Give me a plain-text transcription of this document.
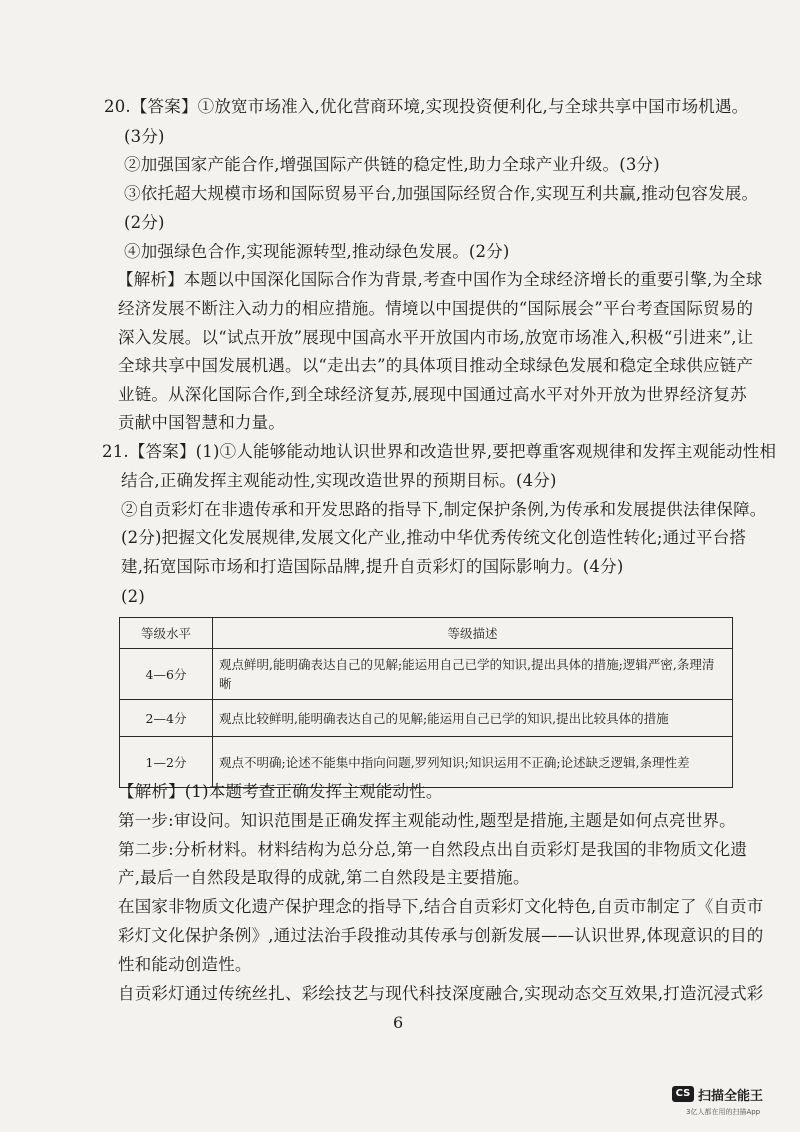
20.【答案】①放宽市场准入,优化营商环境,实现投资便利化,与全球共享中国市场机遇。
(3分)
②加强国家产能合作,增强国际产供链的稳定性,助力全球产业升级。(3分)
③依托超大规模市场和国际贸易平台,加强国际经贸合作,实现互利共赢,推动包容发展。
(2分)
④加强绿色合作,实现能源转型,推动绿色发展。(2分)
【解析】本题以中国深化国际合作为背景,考查中国作为全球经济增长的重要引擎,为全球
经济发展不断注入动力的相应措施。情境以中国提供的“国际展会”平台考查国际贸易的
深入发展。以“试点开放”展现中国高水平开放国内市场,放宽市场准入,积极“引进来”,让
全球共享中国发展机遇。以“走出去”的具体项目推动全球绿色发展和稳定全球供应链产
业链。从深化国际合作,到全球经济复苏,展现中国通过高水平对外开放为世界经济复苏
贡献中国智慧和力量。
21.【答案】(1)①人能够能动地认识世界和改造世界,要把尊重客观规律和发挥主观能动性相
结合,正确发挥主观能动性,实现改造世界的预期目标。(4分)
②自贡彩灯在非遗传承和开发思路的指导下,制定保护条例,为传承和发展提供法律保障。
(2分)把握文化发展规律,发展文化产业,推动中华优秀传统文化创造性转化;通过平台搭
建,拓宽国际市场和打造国际品牌,提升自贡彩灯的国际影响力。(4分)
(2)
等级水平	等级描述
4—6分	观点鲜明,能明确表达自己的见解;能运用自己已学的知识,提出具体的措施;逻辑严密,条理清晰
2—4分	观点比较鲜明,能明确表达自己的见解;能运用自己已学的知识,提出比较具体的措施
1—2分	观点不明确;论述不能集中指向问题,罗列知识;知识运用不正确;论述缺乏逻辑,条理性差
【解析】(1)本题考查正确发挥主观能动性。
第一步:审设问。知识范围是正确发挥主观能动性,题型是措施,主题是如何点亮世界。
第二步:分析材料。材料结构为总分总,第一自然段点出自贡彩灯是我国的非物质文化遗
产,最后一自然段是取得的成就,第二自然段是主要措施。
在国家非物质文化遗产保护理念的指导下,结合自贡彩灯文化特色,自贡市制定了《自贡市
彩灯文化保护条例》,通过法治手段推动其传承与创新发展——认识世界,体现意识的目的
性和能动创造性。
自贡彩灯通过传统丝扎、彩绘技艺与现代科技深度融合,实现动态交互效果,打造沉浸式彩
6
CS 扫描全能王
3亿人都在用的扫描App
